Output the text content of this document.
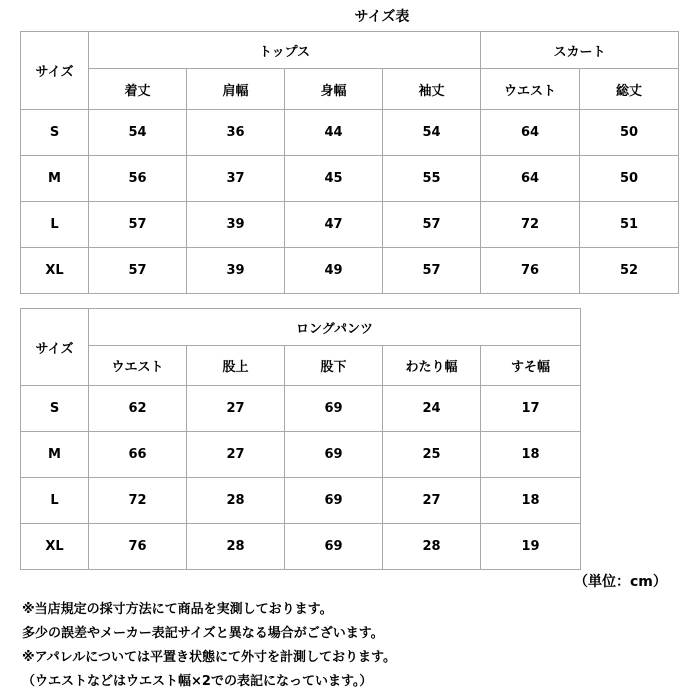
サイズ表
サイズ	トップス				スカート	
	着丈	肩幅	身幅	袖丈	ウエスト	総丈
S	54	36	44	54	64	50
M	56	37	45	55	64	50
L	57	39	47	57	72	51
XL	57	39	49	57	76	52
サイズ	ロングパンツ				
	ウエスト	股上	股下	わたり幅	すそ幅
S	62	27	69	24	17
M	66	27	69	25	18
L	72	28	69	27	18
XL	76	28	69	28	19
（単位：cm）
※当店規定の採寸方法にて商品を実測しております。
多少の誤差やメーカー表記サイズと異なる場合がございます。
※アパレルについては平置き状態にて外寸を計測しております。
（ウエストなどはウエスト幅×2での表記になっています。）
